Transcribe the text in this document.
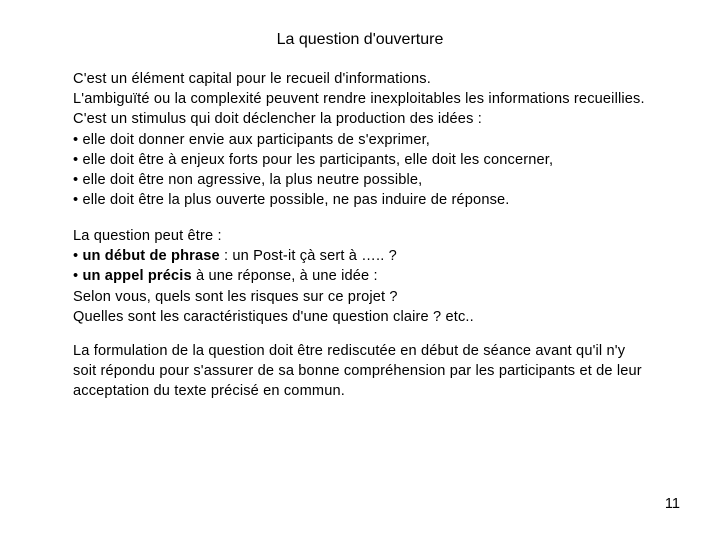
La question d'ouverture
C'est un élément capital pour le recueil d'informations.
L'ambiguïté ou la complexité peuvent rendre inexploitables les informations recueillies.
C'est un stimulus qui doit déclencher la production des idées :
• elle doit donner envie aux participants de s'exprimer,
• elle doit être à enjeux forts pour les participants, elle doit les concerner,
• elle doit être non agressive, la plus neutre possible,
• elle doit être la plus ouverte possible, ne pas induire de réponse.
La question peut être :
• un début de phrase : un Post-it çà sert à ….. ?
• un appel précis à une réponse, à une idée :
Selon vous, quels sont les risques sur ce projet ?
Quelles sont les caractéristiques d'une question claire ? etc..
La formulation de la question doit être rediscutée en début de séance avant qu'il n'y
soit répondu pour s'assurer de sa bonne compréhension par les participants et de leur
acceptation du texte précisé en commun.
11
